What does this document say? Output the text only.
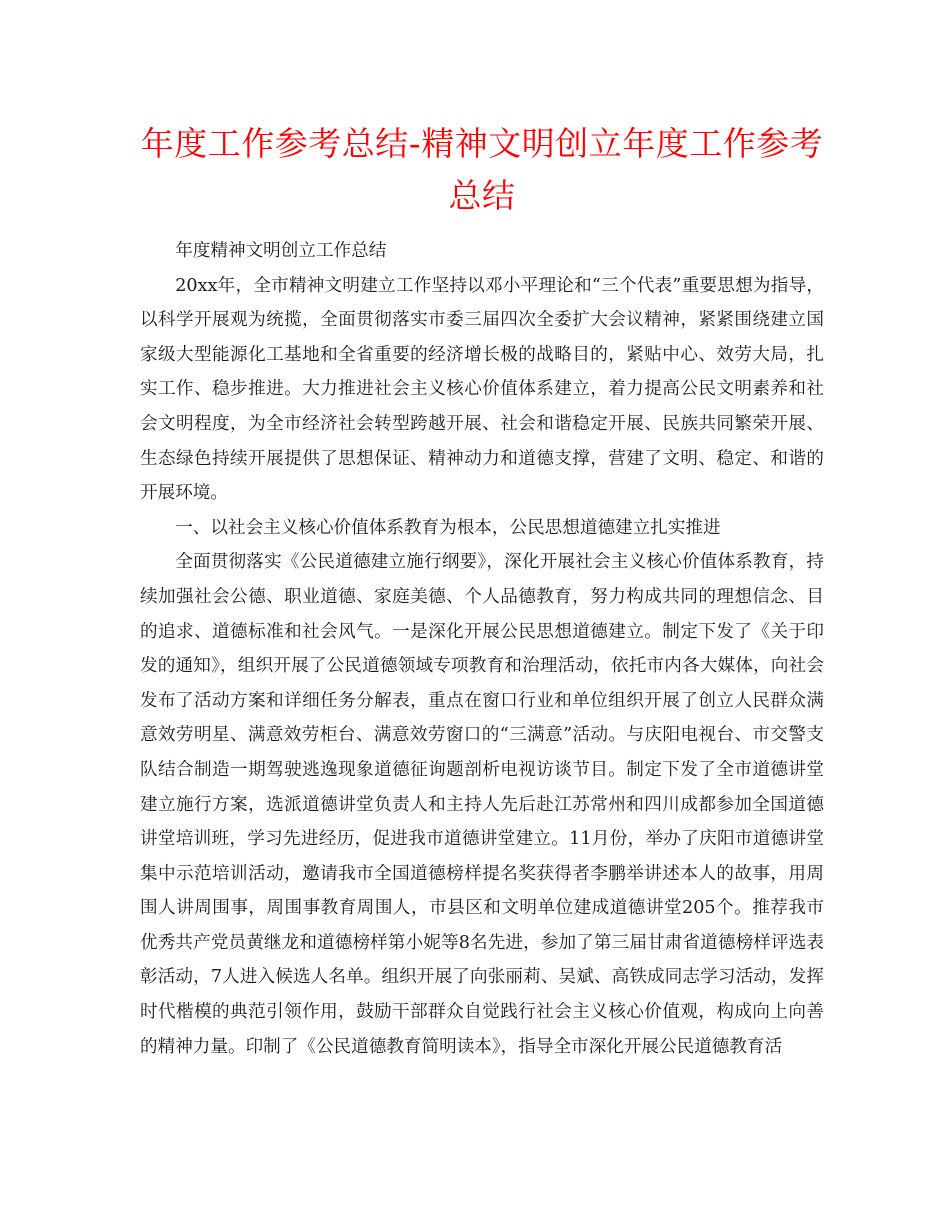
年度工作参考总结-精神文明创立年度工作参考总结

年度精神文明创立工作总结

20xx年，全市精神文明建立工作坚持以邓小平理论和“三个代表”重要思想为指导，以科学开展观为统揽，全面贯彻落实市委三届四次全委扩大会议精神，紧紧围绕建立国家级大型能源化工基地和全省重要的经济增长极的战略目的，紧贴中心、效劳大局，扎实工作、稳步推进。大力推进社会主义核心价值体系建立，着力提高公民文明素养和社会文明程度，为全市经济社会转型跨越开展、社会和谐稳定开展、民族共同繁荣开展、生态绿色持续开展提供了思想保证、精神动力和道德支撑，营建了文明、稳定、和谐的开展环境。

一、以社会主义核心价值体系教育为根本，公民思想道德建立扎实推进

全面贯彻落实《公民道德建立施行纲要》，深化开展社会主义核心价值体系教育，持续加强社会公德、职业道德、家庭美德、个人品德教育，努力构成共同的理想信念、目的追求、道德标准和社会风气。一是深化开展公民思想道德建立。制定下发了《关于印发的通知》，组织开展了公民道德领域专项教育和治理活动，依托市内各大媒体，向社会发布了活动方案和详细任务分解表，重点在窗口行业和单位组织开展了创立人民群众满意效劳明星、满意效劳柜台、满意效劳窗口的“三满意”活动。与庆阳电视台、市交警支队结合制造一期驾驶逃逸现象道德征询题剖析电视访谈节目。制定下发了全市道德讲堂建立施行方案，选派道德讲堂负责人和主持人先后赴江苏常州和四川成都参加全国道德讲堂培训班，学习先进经历，促进我市道德讲堂建立。11月份，举办了庆阳市道德讲堂集中示范培训活动，邀请我市全国道德榜样提名奖获得者李鹏举讲述本人的故事，用周围人讲周围事，周围事教育周围人，市县区和文明单位建成道德讲堂205个。推荐我市优秀共产党员黄继龙和道德榜样第小妮等8名先进，参加了第三届甘肃省道德榜样评选表彰活动，7人进入候选人名单。组织开展了向张丽莉、吴斌、高铁成同志学习活动，发挥时代楷模的典范引领作用，鼓励干部群众自觉践行社会主义核心价值观，构成向上向善的精神力量。印制了《公民道德教育简明读本》，指导全市深化开展公民道德教育活
